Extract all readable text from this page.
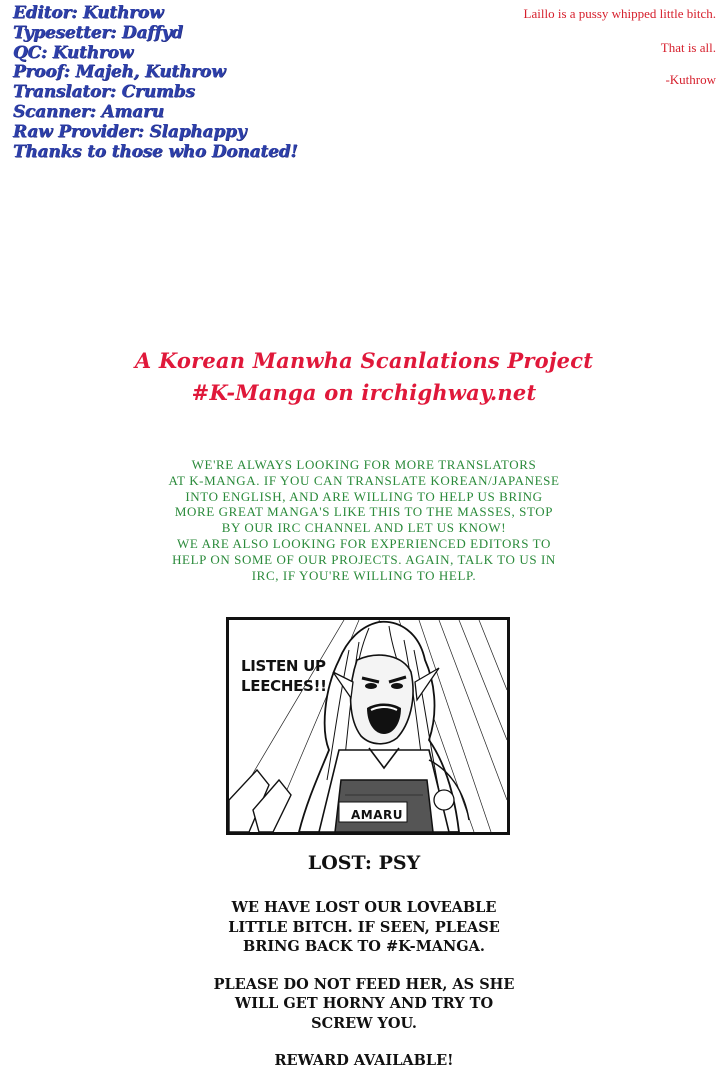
Editor: Kuthrow
Typesetter: Daffyd
QC: Kuthrow
Proof: Majeh, Kuthrow
Translator: Crumbs
Scanner: Amaru
Raw Provider: Slaphappy
Thanks to those who Donated!
Laillo is a pussy whipped little bitch.
That is all.
-Kuthrow
A Korean Manwha Scanlations Project
#K-Manga on irchighway.net
WE'RE ALWAYS LOOKING FOR MORE TRANSLATORS
AT K-MANGA. IF YOU CAN TRANSLATE KOREAN/JAPANESE
INTO ENGLISH, AND ARE WILLING TO HELP US BRING
MORE GREAT MANGA'S LIKE THIS TO THE MASSES, STOP
BY OUR IRC CHANNEL AND LET US KNOW!
WE ARE ALSO LOOKING FOR EXPERIENCED EDITORS TO
HELP ON SOME OF OUR PROJECTS. AGAIN, TALK TO US IN
IRC, IF YOU'RE WILLING TO HELP.
LISTEN UP
LEECHES!!
AMARU
LOST: PSY
WE HAVE LOST OUR LOVEABLE
LITTLE BITCH. IF SEEN, PLEASE
BRING BACK TO #K-MANGA.
PLEASE DO NOT FEED HER, AS SHE
WILL GET HORNY AND TRY TO
SCREW YOU.
REWARD AVAILABLE!
